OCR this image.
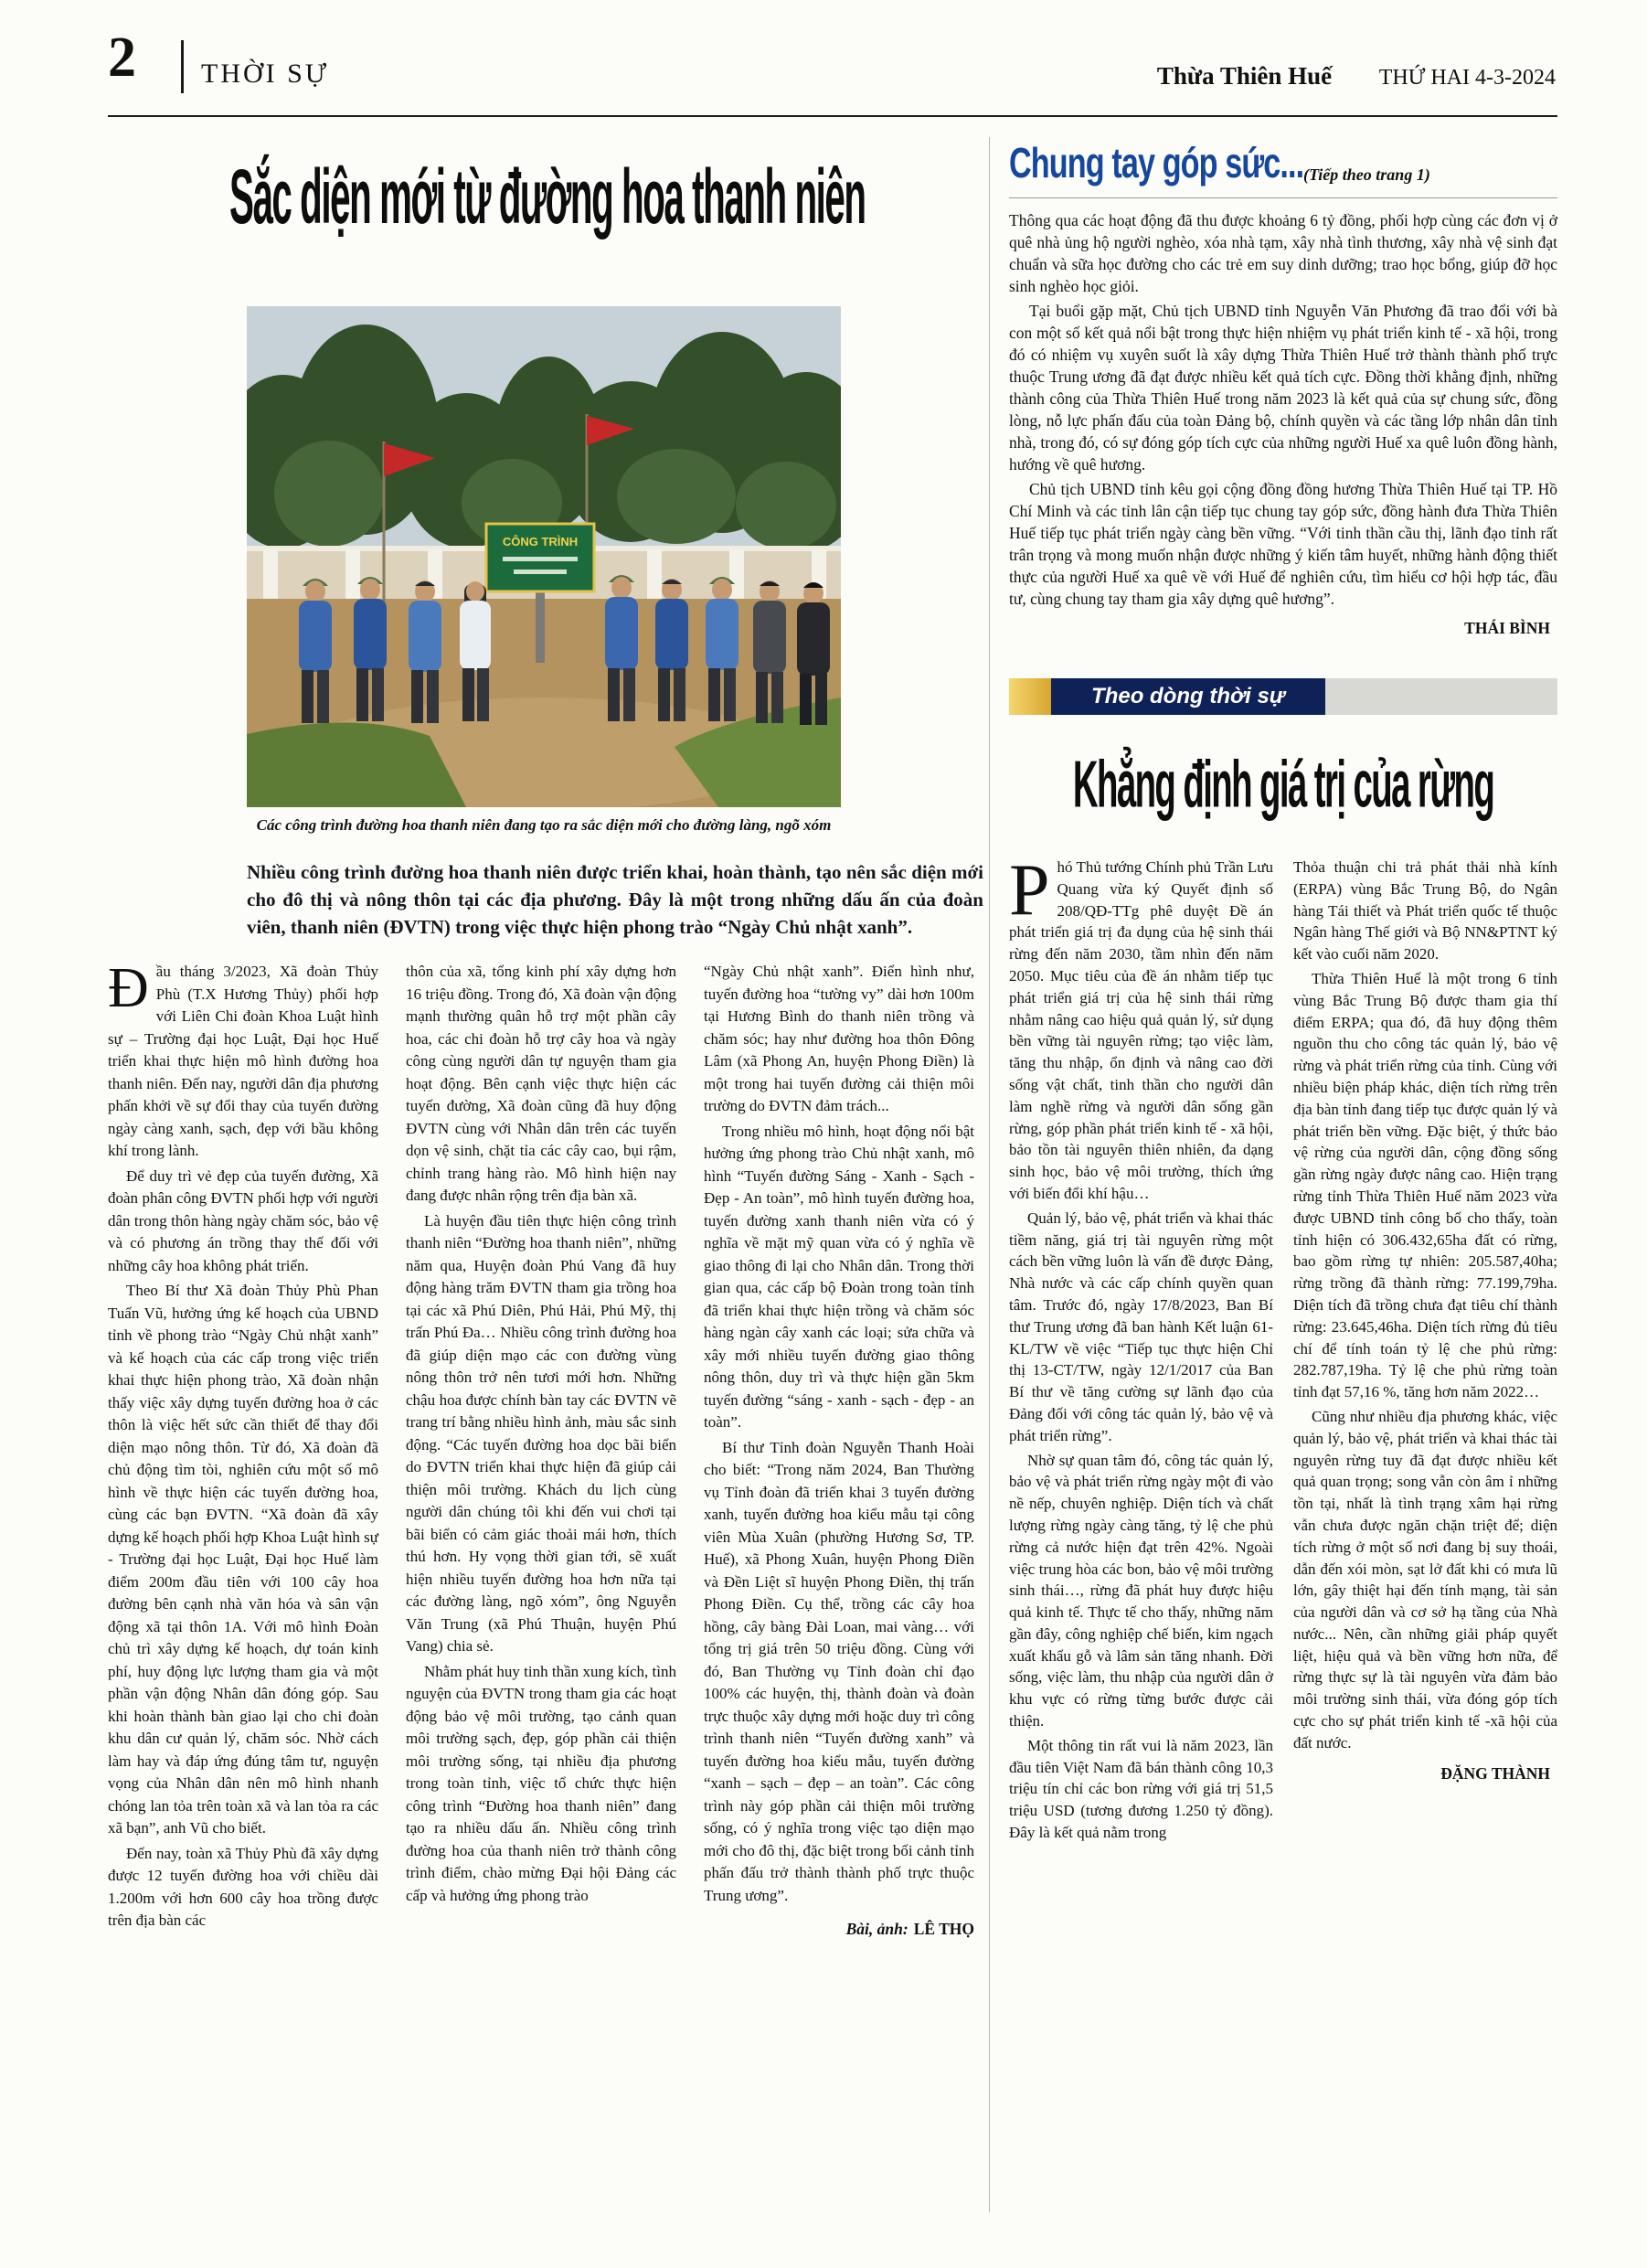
2 THỜI SỰ	Thừa Thiên Huế THỨ HAI 4-3-2024
Sắc diện mới từ đường hoa thanh niên
CÔNG TRÌNH
Các công trình đường hoa thanh niên đang tạo ra sắc diện mới cho đường làng, ngõ xóm
Nhiều công trình đường hoa thanh niên được triển khai, hoàn thành, tạo nên sắc diện mới cho đô thị và nông thôn tại các địa phương. Đây là một trong những dấu ấn của đoàn viên, thanh niên (ĐVTN) trong việc thực hiện phong trào “Ngày Chủ nhật xanh”.

Đầu tháng 3/2023, Xã đoàn Thủy Phù (T.X Hương Thủy) phối hợp với Liên Chi đoàn Khoa Luật hình sự – Trường đại học Luật, Đại học Huế triển khai thực hiện mô hình đường hoa thanh niên. Đến nay, người dân địa phương phấn khởi về sự đổi thay của tuyến đường ngày càng xanh, sạch, đẹp với bầu không khí trong lành.

Để duy trì vẻ đẹp của tuyến đường, Xã đoàn phân công ĐVTN phối hợp với người dân trong thôn hàng ngày chăm sóc, bảo vệ và có phương án trồng thay thế đối với những cây hoa không phát triển.

Theo Bí thư Xã đoàn Thủy Phù Phan Tuấn Vũ, hưởng ứng kế hoạch của UBND tỉnh về phong trào “Ngày Chủ nhật xanh” và kế hoạch của các cấp trong việc triển khai thực hiện phong trào, Xã đoàn nhận thấy việc xây dựng tuyến đường hoa ở các thôn là việc hết sức cần thiết để thay đổi diện mạo nông thôn. Từ đó, Xã đoàn đã chủ động tìm tòi, nghiên cứu một số mô hình về thực hiện các tuyến đường hoa, cùng các bạn ĐVTN. “Xã đoàn đã xây dựng kế hoạch phối hợp Khoa Luật hình sự - Trường đại học Luật, Đại học Huế làm điểm 200m đầu tiên với 100 cây hoa đường bên cạnh nhà văn hóa và sân vận động xã tại thôn 1A. Với mô hình Đoàn chủ trì xây dựng kế hoạch, dự toán kinh phí, huy động lực lượng tham gia và một phần vận động Nhân dân đóng góp. Sau khi hoàn thành bàn giao lại cho chi đoàn khu dân cư quản lý, chăm sóc. Nhờ cách làm hay và đáp ứng đúng tâm tư, nguyện vọng của Nhân dân nên mô hình nhanh chóng lan tỏa trên toàn xã và lan tỏa ra các xã bạn”, anh Vũ cho biết.

Đến nay, toàn xã Thủy Phù đã xây dựng được 12 tuyến đường hoa với chiều dài 1.200m với hơn 600 cây hoa trồng được trên địa bàn các

thôn của xã, tổng kinh phí xây dựng hơn 16 triệu đồng. Trong đó, Xã đoàn vận động mạnh thường quân hỗ trợ một phần cây hoa, các chi đoàn hỗ trợ cây hoa và ngày công cùng người dân tự nguyện tham gia hoạt động. Bên cạnh việc thực hiện các tuyến đường, Xã đoàn cũng đã huy động ĐVTN cùng với Nhân dân trên các tuyến dọn vệ sinh, chặt tỉa các cây cao, bụi rậm, chỉnh trang hàng rào. Mô hình hiện nay đang được nhân rộng trên địa bàn xã.

Là huyện đầu tiên thực hiện công trình thanh niên “Đường hoa thanh niên”, những năm qua, Huyện đoàn Phú Vang đã huy động hàng trăm ĐVTN tham gia trồng hoa tại các xã Phú Diên, Phú Hải, Phú Mỹ, thị trấn Phú Đa… Nhiều công trình đường hoa đã giúp diện mạo các con đường vùng nông thôn trở nên tươi mới hơn. Những chậu hoa được chính bàn tay các ĐVTN vẽ trang trí bằng nhiều hình ảnh, màu sắc sinh động. “Các tuyến đường hoa dọc bãi biển do ĐVTN triển khai thực hiện đã giúp cải thiện môi trường. Khách du lịch cùng người dân chúng tôi khi đến vui chơi tại bãi biển có cảm giác thoải mái hơn, thích thú hơn. Hy vọng thời gian tới, sẽ xuất hiện nhiều tuyến đường hoa hơn nữa tại các đường làng, ngõ xóm”, ông Nguyễn Văn Trung (xã Phú Thuận, huyện Phú Vang) chia sẻ.

Nhằm phát huy tinh thần xung kích, tình nguyện của ĐVTN trong tham gia các hoạt động bảo vệ môi trường, tạo cảnh quan môi trường sạch, đẹp, góp phần cải thiện môi trường sống, tại nhiều địa phương trong toàn tỉnh, việc tổ chức thực hiện công trình “Đường hoa thanh niên” đang tạo ra nhiều dấu ấn. Nhiều công trình đường hoa của thanh niên trở thành công trình điểm, chào mừng Đại hội Đảng các cấp và hưởng ứng phong trào

“Ngày Chủ nhật xanh”. Điển hình như, tuyến đường hoa “tường vy” dài hơn 100m tại Hương Bình do thanh niên trồng và chăm sóc; hay như đường hoa thôn Đông Lâm (xã Phong An, huyện Phong Điền) là một trong hai tuyến đường cải thiện môi trường do ĐVTN đảm trách...

Trong nhiều mô hình, hoạt động nổi bật hưởng ứng phong trào Chủ nhật xanh, mô hình “Tuyến đường Sáng - Xanh - Sạch - Đẹp - An toàn”, mô hình tuyến đường hoa, tuyến đường xanh thanh niên vừa có ý nghĩa về mặt mỹ quan vừa có ý nghĩa về giao thông đi lại cho Nhân dân. Trong thời gian qua, các cấp bộ Đoàn trong toàn tỉnh đã triển khai thực hiện trồng và chăm sóc hàng ngàn cây xanh các loại; sửa chữa và xây mới nhiều tuyến đường giao thông nông thôn, duy trì và thực hiện gần 5km tuyến đường “sáng - xanh - sạch - đẹp - an toàn”.

Bí thư Tỉnh đoàn Nguyễn Thanh Hoài cho biết: “Trong năm 2024, Ban Thường vụ Tỉnh đoàn đã triển khai 3 tuyến đường xanh, tuyến đường hoa kiểu mẫu tại công viên Mùa Xuân (phường Hương Sơ, TP. Huế), xã Phong Xuân, huyện Phong Điền và Đền Liệt sĩ huyện Phong Điền, thị trấn Phong Điền. Cụ thể, trồng các cây hoa hồng, cây bàng Đài Loan, mai vàng… với tổng trị giá trên 50 triệu đồng. Cùng với đó, Ban Thường vụ Tỉnh đoàn chỉ đạo 100% các huyện, thị, thành đoàn và đoàn trực thuộc xây dựng mới hoặc duy trì công trình thanh niên “Tuyến đường xanh” và tuyến đường hoa kiểu mẫu, tuyến đường “xanh – sạch – đẹp – an toàn”. Các công trình này góp phần cải thiện môi trường sống, có ý nghĩa trong việc tạo diện mạo mới cho đô thị, đặc biệt trong bối cảnh tỉnh phấn đấu trở thành thành phố trực thuộc Trung ương”.

Bài, ảnh: LÊ THỌ
Chung tay góp sức... (Tiếp theo trang 1)

Thông qua các hoạt động đã thu được khoảng 6 tỷ đồng, phối hợp cùng các đơn vị ở quê nhà ủng hộ người nghèo, xóa nhà tạm, xây nhà tình thương, xây nhà vệ sinh đạt chuẩn và sữa học đường cho các trẻ em suy dinh dưỡng; trao học bổng, giúp đỡ học sinh nghèo học giỏi.

Tại buổi gặp mặt, Chủ tịch UBND tỉnh Nguyễn Văn Phương đã trao đổi với bà con một số kết quả nổi bật trong thực hiện nhiệm vụ phát triển kinh tế - xã hội, trong đó có nhiệm vụ xuyên suốt là xây dựng Thừa Thiên Huế trở thành thành phố trực thuộc Trung ương đã đạt được nhiều kết quả tích cực. Đồng thời khẳng định, những thành công của Thừa Thiên Huế trong năm 2023 là kết quả của sự chung sức, đồng lòng, nỗ lực phấn đấu của toàn Đảng bộ, chính quyền và các tầng lớp nhân dân tỉnh nhà, trong đó, có sự đóng góp tích cực của những người Huế xa quê luôn đồng hành, hướng về quê hương.

Chủ tịch UBND tỉnh kêu gọi cộng đồng đồng hương Thừa Thiên Huế tại TP. Hồ Chí Minh và các tỉnh lân cận tiếp tục chung tay góp sức, đồng hành đưa Thừa Thiên Huế tiếp tục phát triển ngày càng bền vững. “Với tinh thần cầu thị, lãnh đạo tỉnh rất trân trọng và mong muốn nhận được những ý kiến tâm huyết, những hành động thiết thực của người Huế xa quê về với Huế để nghiên cứu, tìm hiểu cơ hội hợp tác, đầu tư, cùng chung tay tham gia xây dựng quê hương”.

THÁI BÌNH
Theo dòng thời sự
Khẳng định giá trị của rừng

Phó Thủ tướng Chính phủ Trần Lưu Quang vừa ký Quyết định số 208/QĐ-TTg phê duyệt Đề án phát triển giá trị đa dụng của hệ sinh thái rừng đến năm 2030, tầm nhìn đến năm 2050. Mục tiêu của đề án nhằm tiếp tục phát triển giá trị của hệ sinh thái rừng nhằm nâng cao hiệu quả quản lý, sử dụng bền vững tài nguyên rừng; tạo việc làm, tăng thu nhập, ổn định và nâng cao đời sống vật chất, tinh thần cho người dân làm nghề rừng và người dân sống gần rừng, góp phần phát triển kinh tế - xã hội, bảo tồn tài nguyên thiên nhiên, đa dạng sinh học, bảo vệ môi trường, thích ứng với biến đổi khí hậu…

Quản lý, bảo vệ, phát triển và khai thác tiềm năng, giá trị tài nguyên rừng một cách bền vững luôn là vấn đề được Đảng, Nhà nước và các cấp chính quyền quan tâm. Trước đó, ngày 17/8/2023, Ban Bí thư Trung ương đã ban hành Kết luận 61-KL/TW về việc “Tiếp tục thực hiện Chỉ thị 13-CT/TW, ngày 12/1/2017 của Ban Bí thư về tăng cường sự lãnh đạo của Đảng đối với công tác quản lý, bảo vệ và phát triển rừng”.

Nhờ sự quan tâm đó, công tác quản lý, bảo vệ và phát triển rừng ngày một đi vào nề nếp, chuyên nghiệp. Diện tích và chất lượng rừng ngày càng tăng, tỷ lệ che phủ rừng cả nước hiện đạt trên 42%. Ngoài việc trung hòa các bon, bảo vệ môi trường sinh thái…, rừng đã phát huy được hiệu quả kinh tế. Thực tế cho thấy, những năm gần đây, công nghiệp chế biến, kim ngạch xuất khẩu gỗ và lâm sản tăng nhanh. Đời sống, việc làm, thu nhập của người dân ở khu vực có rừng từng bước được cải thiện.

Một thông tin rất vui là năm 2023, lần đầu tiên Việt Nam đã bán thành công 10,3 triệu tín chỉ các bon rừng với giá trị 51,5 triệu USD (tương đương 1.250 tỷ đồng). Đây là kết quả nằm trong

Thỏa thuận chi trả phát thải nhà kính (ERPA) vùng Bắc Trung Bộ, do Ngân hàng Tái thiết và Phát triển quốc tế thuộc Ngân hàng Thế giới và Bộ NN&PTNT ký kết vào cuối năm 2020.

Thừa Thiên Huế là một trong 6 tỉnh vùng Bắc Trung Bộ được tham gia thí điểm ERPA; qua đó, đã huy động thêm nguồn thu cho công tác quản lý, bảo vệ rừng và phát triển rừng của tỉnh. Cùng với nhiều biện pháp khác, diện tích rừng trên địa bàn tỉnh đang tiếp tục được quản lý và phát triển bền vững. Đặc biệt, ý thức bảo vệ rừng của người dân, cộng đồng sống gần rừng ngày được nâng cao. Hiện trạng rừng tỉnh Thừa Thiên Huế năm 2023 vừa được UBND tỉnh công bố cho thấy, toàn tỉnh hiện có 306.432,65ha đất có rừng, bao gồm rừng tự nhiên: 205.587,40ha; rừng trồng đã thành rừng: 77.199,79ha. Diện tích đã trồng chưa đạt tiêu chí thành rừng: 23.645,46ha. Diện tích rừng đủ tiêu chí để tính toán tỷ lệ che phủ rừng: 282.787,19ha. Tỷ lệ che phủ rừng toàn tỉnh đạt 57,16 %, tăng hơn năm 2022…

Cũng như nhiều địa phương khác, việc quản lý, bảo vệ, phát triển và khai thác tài nguyên rừng tuy đã đạt được nhiều kết quả quan trọng; song vẫn còn âm ỉ những tồn tại, nhất là tình trạng xâm hại rừng vẫn chưa được ngăn chặn triệt để; diện tích rừng ở một số nơi đang bị suy thoái, dẫn đến xói mòn, sạt lở đất khi có mưa lũ lớn, gây thiệt hại đến tính mạng, tài sản của người dân và cơ sở hạ tầng của Nhà nước... Nên, cần những giải pháp quyết liệt, hiệu quả và bền vững hơn nữa, để rừng thực sự là tài nguyên vừa đảm bảo môi trường sinh thái, vừa đóng góp tích cực cho sự phát triển kinh tế -xã hội của đất nước.

ĐẶNG THÀNH
